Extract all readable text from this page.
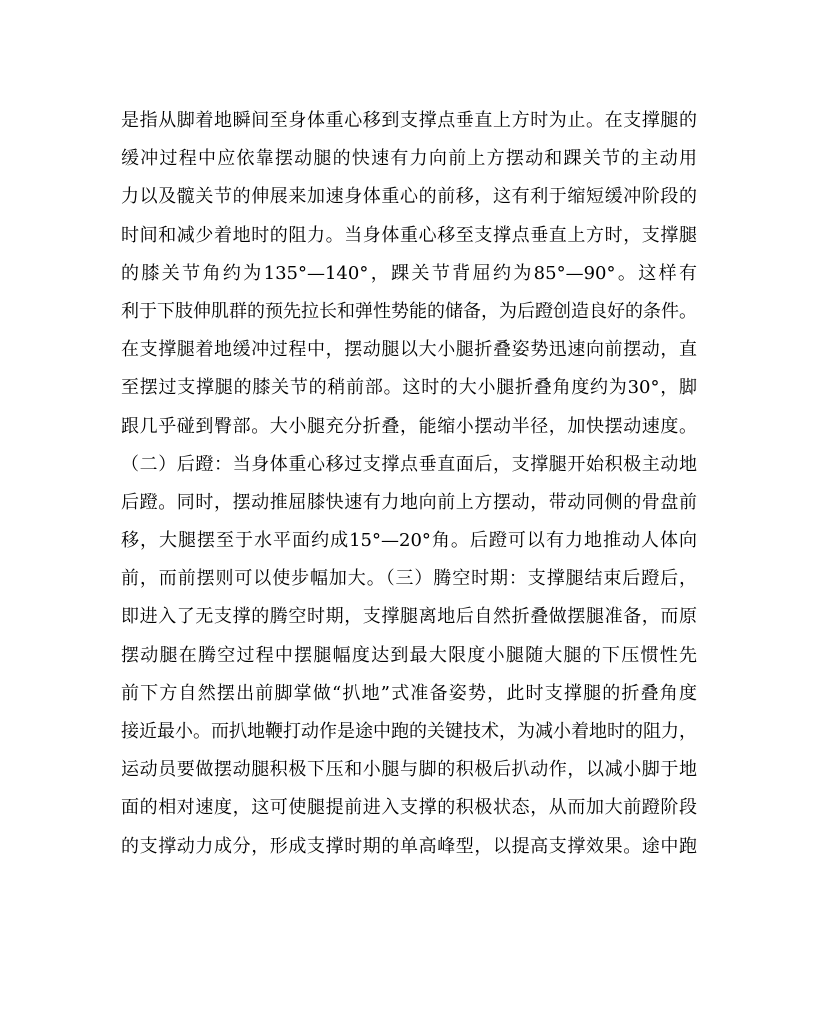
是指从脚着地瞬间至身体重心移到支撑点垂直上方时为止。在支撑腿的
缓冲过程中应依靠摆动腿的快速有力向前上方摆动和踝关节的主动用
力以及髋关节的伸展来加速身体重心的前移，这有利于缩短缓冲阶段的
时间和减少着地时的阻力。当身体重心移至支撑点垂直上方时，支撑腿
的膝关节角约为135°—140°，踝关节背屈约为85°—90°。这样有
利于下肢伸肌群的预先拉长和弹性势能的储备，为后蹬创造良好的条件。
在支撑腿着地缓冲过程中，摆动腿以大小腿折叠姿势迅速向前摆动，直
至摆过支撑腿的膝关节的稍前部。这时的大小腿折叠角度约为30°，脚
跟几乎碰到臀部。大小腿充分折叠，能缩小摆动半径，加快摆动速度。
（二）后蹬：当身体重心移过支撑点垂直面后，支撑腿开始积极主动地
后蹬。同时，摆动推屈膝快速有力地向前上方摆动，带动同侧的骨盘前
移，大腿摆至于水平面约成15°—20°角。后蹬可以有力地推动人体向
前，而前摆则可以使步幅加大。（三）腾空时期：支撑腿结束后蹬后，
即进入了无支撑的腾空时期，支撑腿离地后自然折叠做摆腿准备，而原
摆动腿在腾空过程中摆腿幅度达到最大限度小腿随大腿的下压惯性先
前下方自然摆出前脚掌做“扒地”式准备姿势，此时支撑腿的折叠角度
接近最小。而扒地鞭打动作是途中跑的关键技术，为减小着地时的阻力，
运动员要做摆动腿积极下压和小腿与脚的积极后扒动作，以减小脚于地
面的相对速度，这可使腿提前进入支撑的积极状态，从而加大前蹬阶段
的支撑动力成分，形成支撑时期的单高峰型，以提高支撑效果。途中跑
